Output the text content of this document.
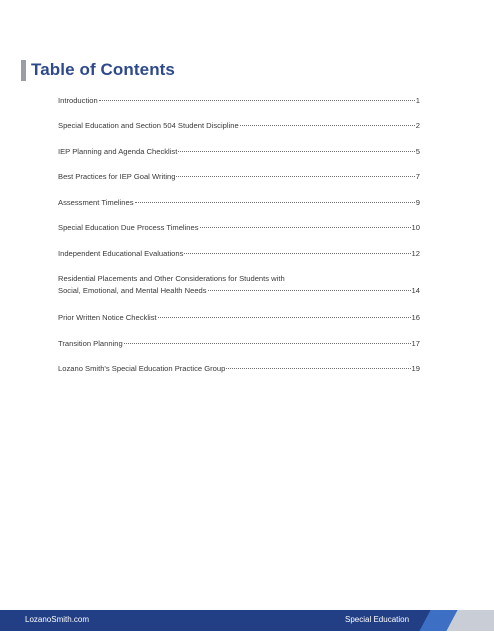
Table of Contents
Introduction	1
Special Education and Section 504 Student Discipline	2
IEP Planning and Agenda Checklist	5
Best Practices for IEP Goal Writing	7
Assessment Timelines	9
Special Education Due Process Timelines	10
Independent Educational Evaluations	12
Residential Placements and Other Considerations for Students with
Social, Emotional, and Mental Health Needs	14
Prior Written Notice Checklist	16
Transition Planning	17
Lozano Smith's Special Education Practice Group	19
LozanoSmith.com	Special Education
